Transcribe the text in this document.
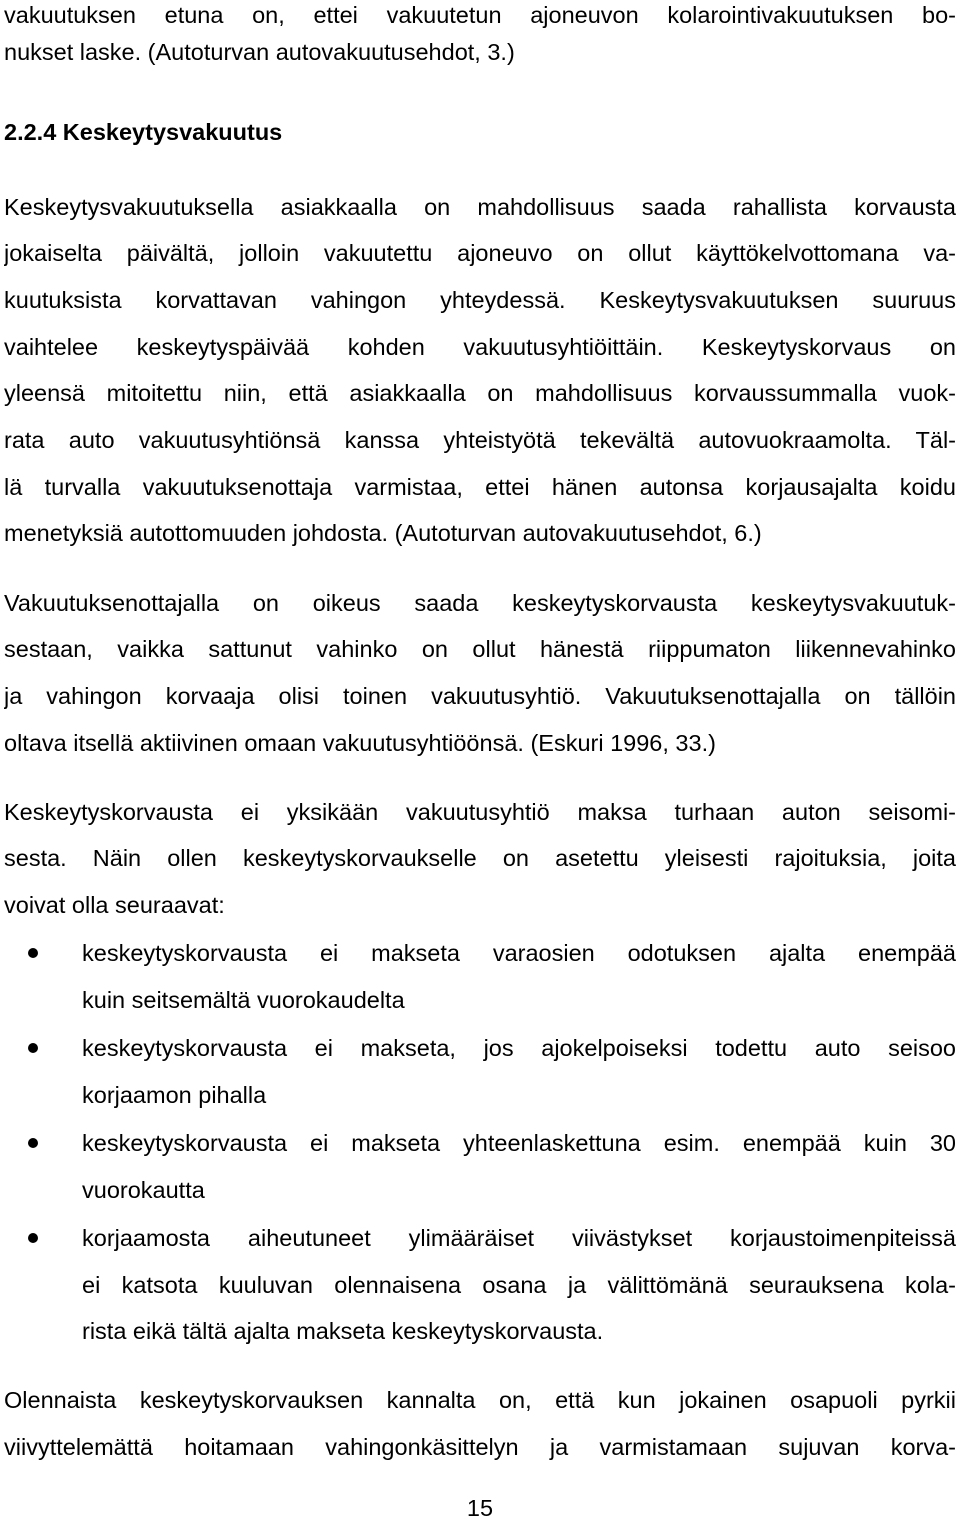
vakuutuksen etuna on, ettei vakuutetun ajoneuvon kolarointivakuutuksen bo-
nukset laske. (Autoturvan autovakuutusehdot, 3.)
2.2.4 Keskeytysvakuutus
Keskeytysvakuutuksella asiakkaalla on mahdollisuus saada rahallista korvausta
jokaiselta päivältä, jolloin vakuutettu ajoneuvo on ollut käyttökelvottomana va-
kuutuksista korvattavan vahingon yhteydessä. Keskeytysvakuutuksen suuruus
vaihtelee keskeytyspäivää kohden vakuutusyhtiöittäin. Keskeytyskorvaus on
yleensä mitoitettu niin, että asiakkaalla on mahdollisuus korvaussummalla vuok-
rata auto vakuutusyhtiönsä kanssa yhteistyötä tekevältä autovuokraamolta. Täl-
lä turvalla vakuutuksenottaja varmistaa, ettei hänen autonsa korjausajalta koidu
menetyksiä autottomuuden johdosta. (Autoturvan autovakuutusehdot, 6.)
Vakuutuksenottajalla on oikeus saada keskeytyskorvausta keskeytysvakuutuk-
sestaan, vaikka sattunut vahinko on ollut hänestä riippumaton liikennevahinko
ja vahingon korvaaja olisi toinen vakuutusyhtiö. Vakuutuksenottajalla on tällöin
oltava itsellä aktiivinen omaan vakuutusyhtiöönsä. (Eskuri 1996, 33.)
Keskeytyskorvausta ei yksikään vakuutusyhtiö maksa turhaan auton seisomi-
sesta. Näin ollen keskeytyskorvaukselle on asetettu yleisesti rajoituksia, joita
voivat olla seuraavat:
keskeytyskorvausta ei makseta varaosien odotuksen ajalta enempää
kuin seitsemältä vuorokaudelta
keskeytyskorvausta ei makseta, jos ajokelpoiseksi todettu auto seisoo
korjaamon pihalla
keskeytyskorvausta ei makseta yhteenlaskettuna esim. enempää kuin 30
vuorokautta
korjaamosta aiheutuneet ylimääräiset viivästykset korjaustoimenpiteissä
ei katsota kuuluvan olennaisena osana ja välittömänä seurauksena kola-
rista eikä tältä ajalta makseta keskeytyskorvausta.
Olennaista keskeytyskorvauksen kannalta on, että kun jokainen osapuoli pyrkii
viivyttelemättä hoitamaan vahingonkäsittelyn ja varmistamaan sujuvan korva-
15
